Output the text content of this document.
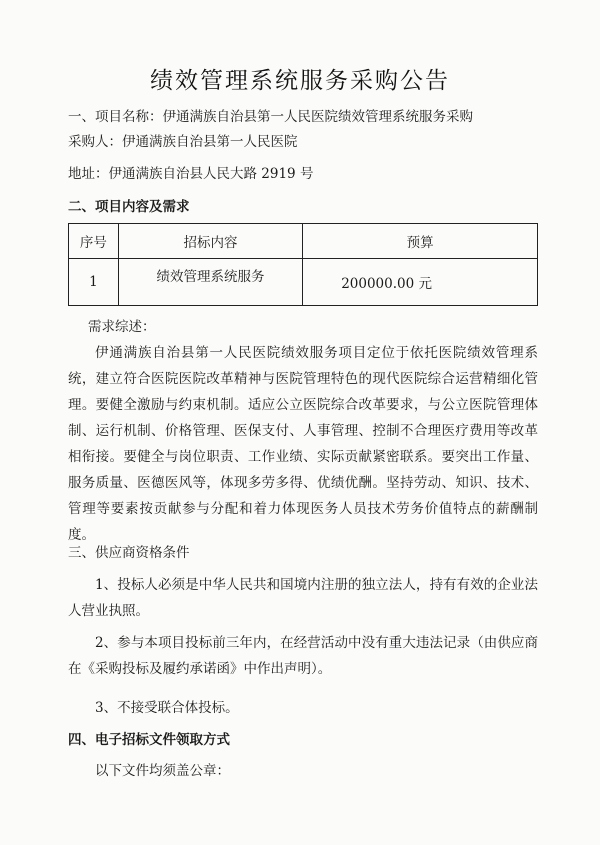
绩效管理系统服务采购公告
一、项目名称：伊通满族自治县第一人民医院绩效管理系统服务采购
采购人：伊通满族自治县第一人民医院
地址：伊通满族自治县人民大路 2919 号
二、项目内容及需求
序号	招标内容	预算
1	绩效管理系统服务	200000.00 元
需求综述：
伊通满族自治县第一人民医院绩效服务项目定位于依托医院绩效管理系统，建立符合医院医院改革精神与医院管理特色的现代医院综合运营精细化管理。要健全激励与约束机制。适应公立医院综合改革要求，与公立医院管理体制、运行机制、价格管理、医保支付、人事管理、控制不合理医疗费用等改革相衔接。要健全与岗位职责、工作业绩、实际贡献紧密联系。要突出工作量、服务质量、医德医风等，体现多劳多得、优绩优酬。坚持劳动、知识、技术、管理等要素按贡献参与分配和着力体现医务人员技术劳务价值特点的薪酬制度。
三、供应商资格条件
1、投标人必须是中华人民共和国境内注册的独立法人，持有有效的企业法人营业执照。
2、参与本项目投标前三年内，在经营活动中没有重大违法记录（由供应商在《采购投标及履约承诺函》中作出声明）。
3、不接受联合体投标。
四、电子招标文件领取方式
以下文件均须盖公章：
